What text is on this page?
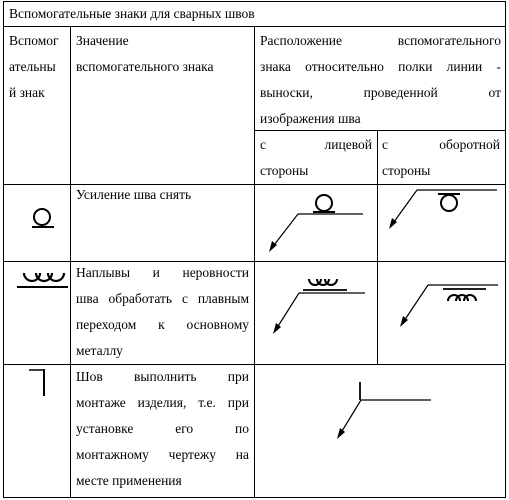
Вспомогательные знаки для сварных швов
Вспомог
ательны
й знак
Значение
вспомогательного знака
Расположение вспомогательного
знака относительно полки линии -
выноски, проведенной от
изображения шва
с лицевой
стороны
с оборотной
стороны
Усиление шва снять
Наплывы и неровности
шва обработать с плавным
переходом к основному
металлу
Шов выполнить при
монтаже изделия, т.е. при
установке его по
монтажному чертежу на
месте применения
